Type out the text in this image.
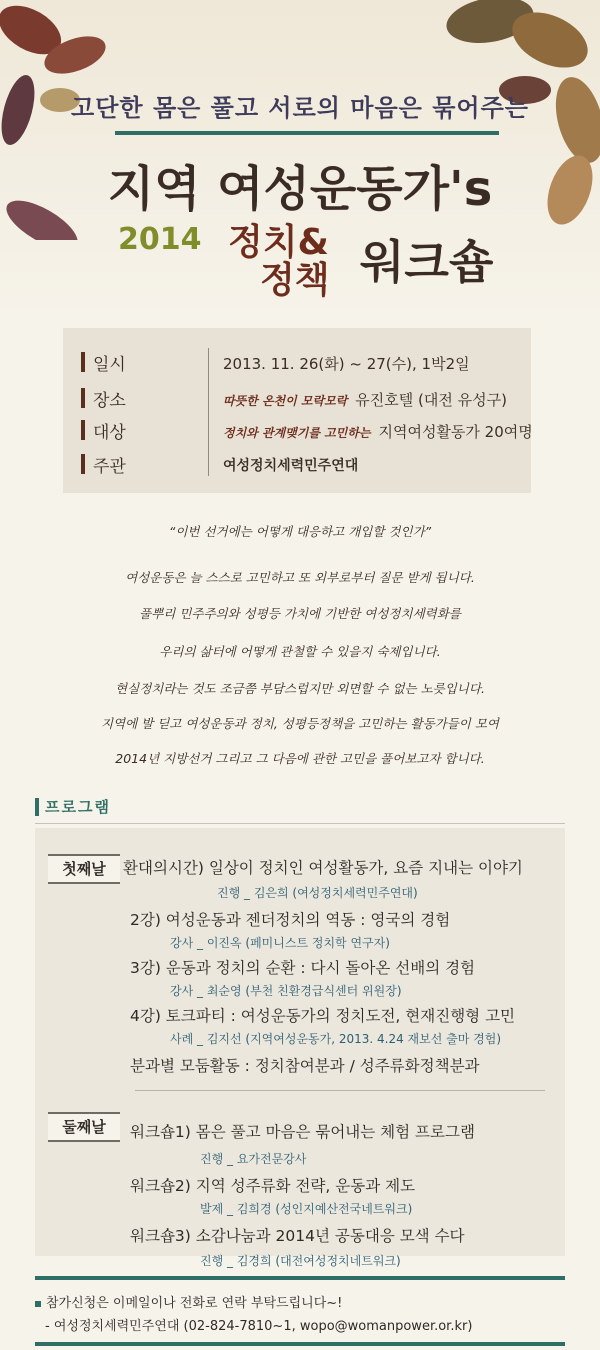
고단한 몸은 풀고 서로의 마음은 묶어주는
지역 여성운동가's
2014 정치&
정책 워크숍
일시	2013. 11. 26(화) ~ 27(수), 1박2일
장소	따뜻한 온천이 모락모락 유진호텔 (대전 유성구)
대상	정치와 관계맺기를 고민하는 지역여성활동가 20여명
주관	여성정치세력민주연대
“이번 선거에는 어떻게 대응하고 개입할 것인가”
여성운동은 늘 스스로 고민하고 또 외부로부터 질문 받게 됩니다.
풀뿌리 민주주의와 성평등 가치에 기반한 여성정치세력화를
우리의 삶터에 어떻게 관철할 수 있을지 숙제입니다.
현실정치라는 것도 조금쯤 부담스럽지만 외면할 수 없는 노릇입니다.
지역에 발 딛고 여성운동과 정치, 성평등정책을 고민하는 활동가들이 모여
2014년 지방선거 그리고 그 다음에 관한 고민을 풀어보고자 합니다.
프로그램
첫째날
둘째날
환대의시간) 일상이 정치인 여성활동가, 요즘 지내는 이야기
진행 _ 김은희 (여성정치세력민주연대)
2강) 여성운동과 젠더정치의 역동 : 영국의 경험
강사 _ 이진옥 (페미니스트 정치학 연구자)
3강) 운동과 정치의 순환 : 다시 돌아온 선배의 경험
강사 _ 최순영 (부천 친환경급식센터 위원장)
4강) 토크파티 : 여성운동가의 정치도전, 현재진행형 고민
사례 _ 김지선 (지역여성운동가, 2013. 4.24 재보선 출마 경험)
분과별 모둠활동 : 정치참여분과 / 성주류화정책분과
워크숍1) 몸은 풀고 마음은 묶어내는 체험 프로그램
진행 _ 요가전문강사
워크숍2) 지역 성주류화 전략, 운동과 제도
발제 _ 김희경 (성인지예산전국네트워크)
워크숍3) 소감나눔과 2014년 공동대응 모색 수다
진행 _ 김경희 (대전여성정치네트워크)
참가신청은 이메일이나 전화로 연락 부탁드립니다~!
- 여성정치세력민주연대 (02-824-7810~1, wopo@womanpower.or.kr)
